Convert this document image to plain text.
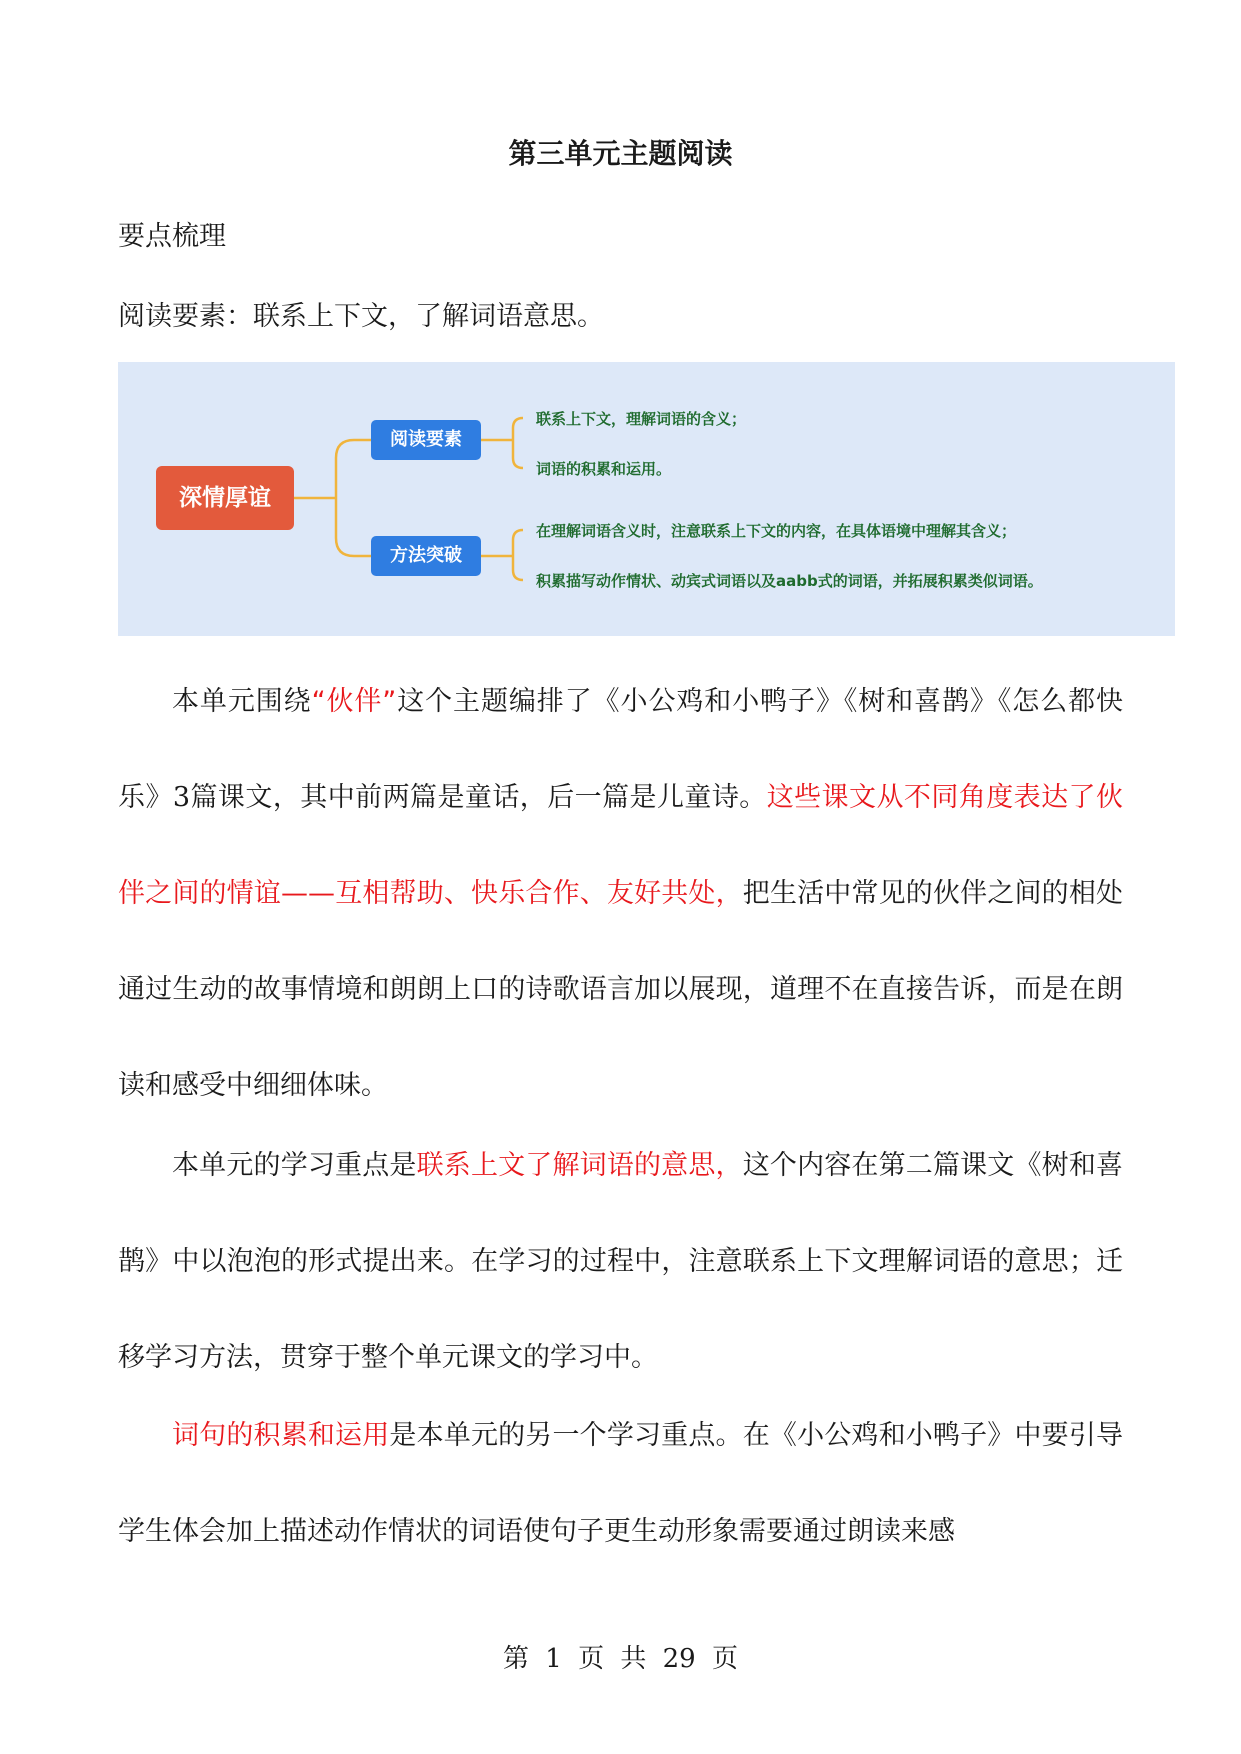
第三单元主题阅读
要点梳理
阅读要素：联系上下文，了解词语意思。
深情厚谊
阅读要素
方法突破
联系上下文，理解词语的含义；
词语的积累和运用。
在理解词语含义时，注意联系上下文的内容，在具体语境中理解其含义；
积累描写动作情状、动宾式词语以及aabb式的词语，并拓展积累类似词语。

本单元围绕“伙伴”这个主题编排了《小公鸡和小鸭子》《树和喜鹊》《怎么都快乐》3篇课文，其中前两篇是童话，后一篇是儿童诗。这些课文从不同角度表达了伙伴之间的情谊——互相帮助、快乐合作、友好共处，把生活中常见的伙伴之间的相处通过生动的故事情境和朗朗上口的诗歌语言加以展现，道理不在直接告诉，而是在朗读和感受中细细体味。

本单元的学习重点是联系上文了解词语的意思，这个内容在第二篇课文《树和喜鹊》中以泡泡的形式提出来。在学习的过程中，注意联系上下文理解词语的意思；迁移学习方法，贯穿于整个单元课文的学习中。

词句的积累和运用是本单元的另一个学习重点。在《小公鸡和小鸭子》中要引导学生体会加上描述动作情状的词语使句子更生动形象需要通过朗读来感

第 1 页 共 29 页
